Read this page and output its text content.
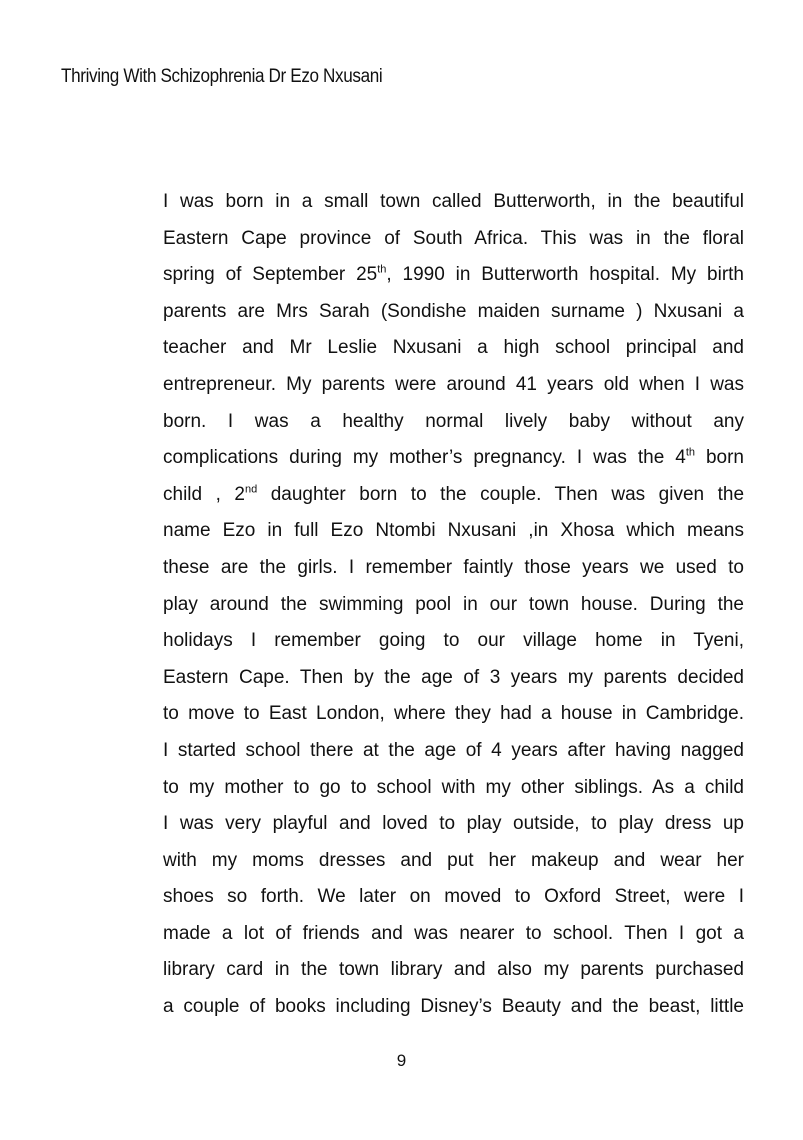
Thriving With Schizophrenia Dr Ezo Nxusani
I was born in a small town called Butterworth, in the beautiful
Eastern Cape province of South Africa. This was in the floral
spring of September 25th, 1990 in Butterworth hospital. My birth
parents are Mrs Sarah (Sondishe maiden surname ) Nxusani a
teacher and Mr Leslie Nxusani a high school principal and
entrepreneur. My parents were around 41 years old when I was
born. I was a healthy normal lively baby without any
complications during my mother’s pregnancy. I was the 4th born
child , 2nd daughter born to the couple. Then was given the
name Ezo in full Ezo Ntombi Nxusani ,in Xhosa which means
these are the girls. I remember faintly those years we used to
play around the swimming pool in our town house. During the
holidays I remember going to our village home in Tyeni,
Eastern Cape. Then by the age of 3 years my parents decided
to move to East London, where they had a house in Cambridge.
I started school there at the age of 4 years after having nagged
to my mother to go to school with my other siblings. As a child
I was very playful and loved to play outside, to play dress up
with my moms dresses and put her makeup and wear her
shoes so forth. We later on moved to Oxford Street, were I
made a lot of friends and was nearer to school. Then I got a
library card in the town library and also my parents purchased
a couple of books including Disney’s Beauty and the beast, little
9
